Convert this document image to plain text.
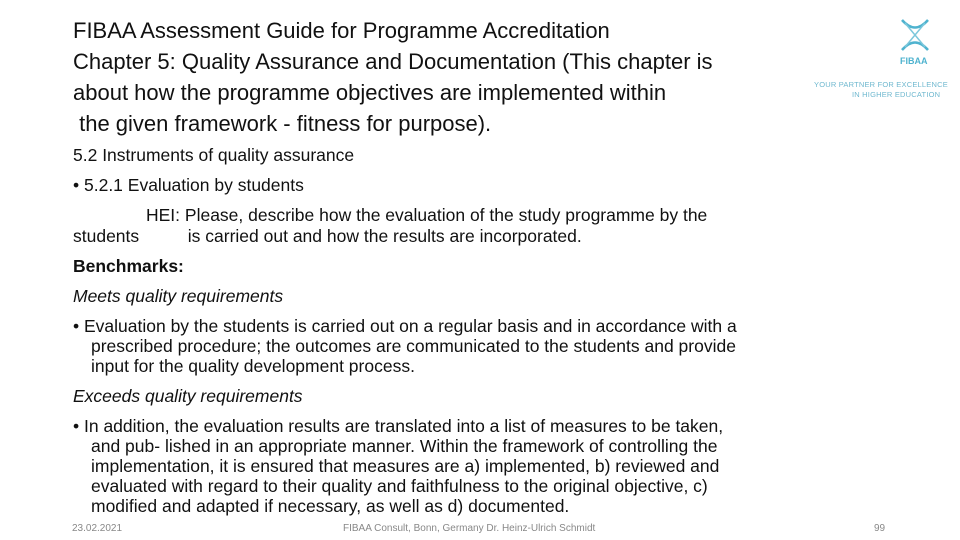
FIBAA Assessment Guide for Programme Accreditation
Chapter 5: Quality Assurance and Documentation (This chapter is
about how the programme objectives are implemented within
the given framework - fitness for purpose).
FIBAA
YOUR PARTNER FOR EXCELLENCE
IN HIGHER EDUCATION
5.2 Instruments of quality assurance
• 5.2.1 Evaluation by students
HEI: Please, describe how the evaluation of the study programme by the
students          is carried out and how the results are incorporated.
Benchmarks:
Meets quality requirements
• Evaluation by the students is carried out on a regular basis and in accordance with a
prescribed procedure; the outcomes are communicated to the students and provide
input for the quality development process.
Exceeds quality requirements
• In addition, the evaluation results are translated into a list of measures to be taken,
and pub- lished in an appropriate manner. Within the framework of controlling the
implementation, it is ensured that measures are a) implemented, b) reviewed and
evaluated with regard to their quality and faithfulness to the original objective, c)
modified and adapted if necessary, as well as d) documented.
23.02.2021	FIBAA Consult, Bonn, Germany Dr. Heinz-Ulrich Schmidt	99
